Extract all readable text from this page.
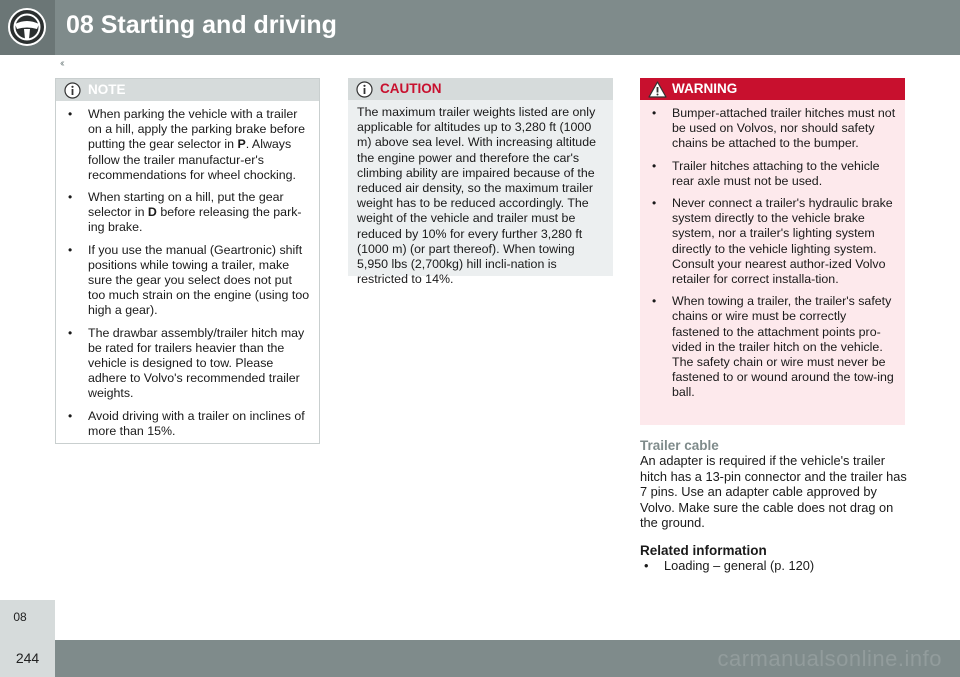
08 Starting and driving
‹‹
08
NOTE
• When parking the vehicle with a trailer on a hill, apply the parking brake before putting the gear selector in P. Always follow the trailer manufactur-er's recommendations for wheel chocking.
• When starting on a hill, put the gear selector in D before releasing the park-ing brake.
• If you use the manual (Geartronic) shift positions while towing a trailer, make sure the gear you select does not put too much strain on the engine (using too high a gear).
• The drawbar assembly/trailer hitch may be rated for trailers heavier than the vehicle is designed to tow. Please adhere to Volvo's recommended trailer weights.
• Avoid driving with a trailer on inclines of more than 15%.
CAUTION
The maximum trailer weights listed are only applicable for altitudes up to 3,280 ft (1000 m) above sea level. With increasing altitude the engine power and therefore the car's climbing ability are impaired because of the reduced air density, so the maximum trailer weight has to be reduced accordingly. The weight of the vehicle and trailer must be reduced by 10% for every further 3,280 ft (1000 m) (or part thereof). When towing 5,950 lbs (2,700kg) hill incli-nation is restricted to 14%.
WARNING
• Bumper-attached trailer hitches must not be used on Volvos, nor should safety chains be attached to the bumper.
• Trailer hitches attaching to the vehicle rear axle must not be used.
• Never connect a trailer's hydraulic brake system directly to the vehicle brake system, nor a trailer's lighting system directly to the vehicle lighting system. Consult your nearest author-ized Volvo retailer for correct installa-tion.
• When towing a trailer, the trailer's safety chains or wire must be correctly fastened to the attachment points pro-vided in the trailer hitch on the vehicle. The safety chain or wire must never be fastened to or wound around the tow-ing ball.
Trailer cable
An adapter is required if the vehicle's trailer hitch has a 13-pin connector and the trailer has 7 pins. Use an adapter cable approved by Volvo. Make sure the cable does not drag on the ground.
Related information
• Loading – general (p. 120)
244	carmanualsonline.info
